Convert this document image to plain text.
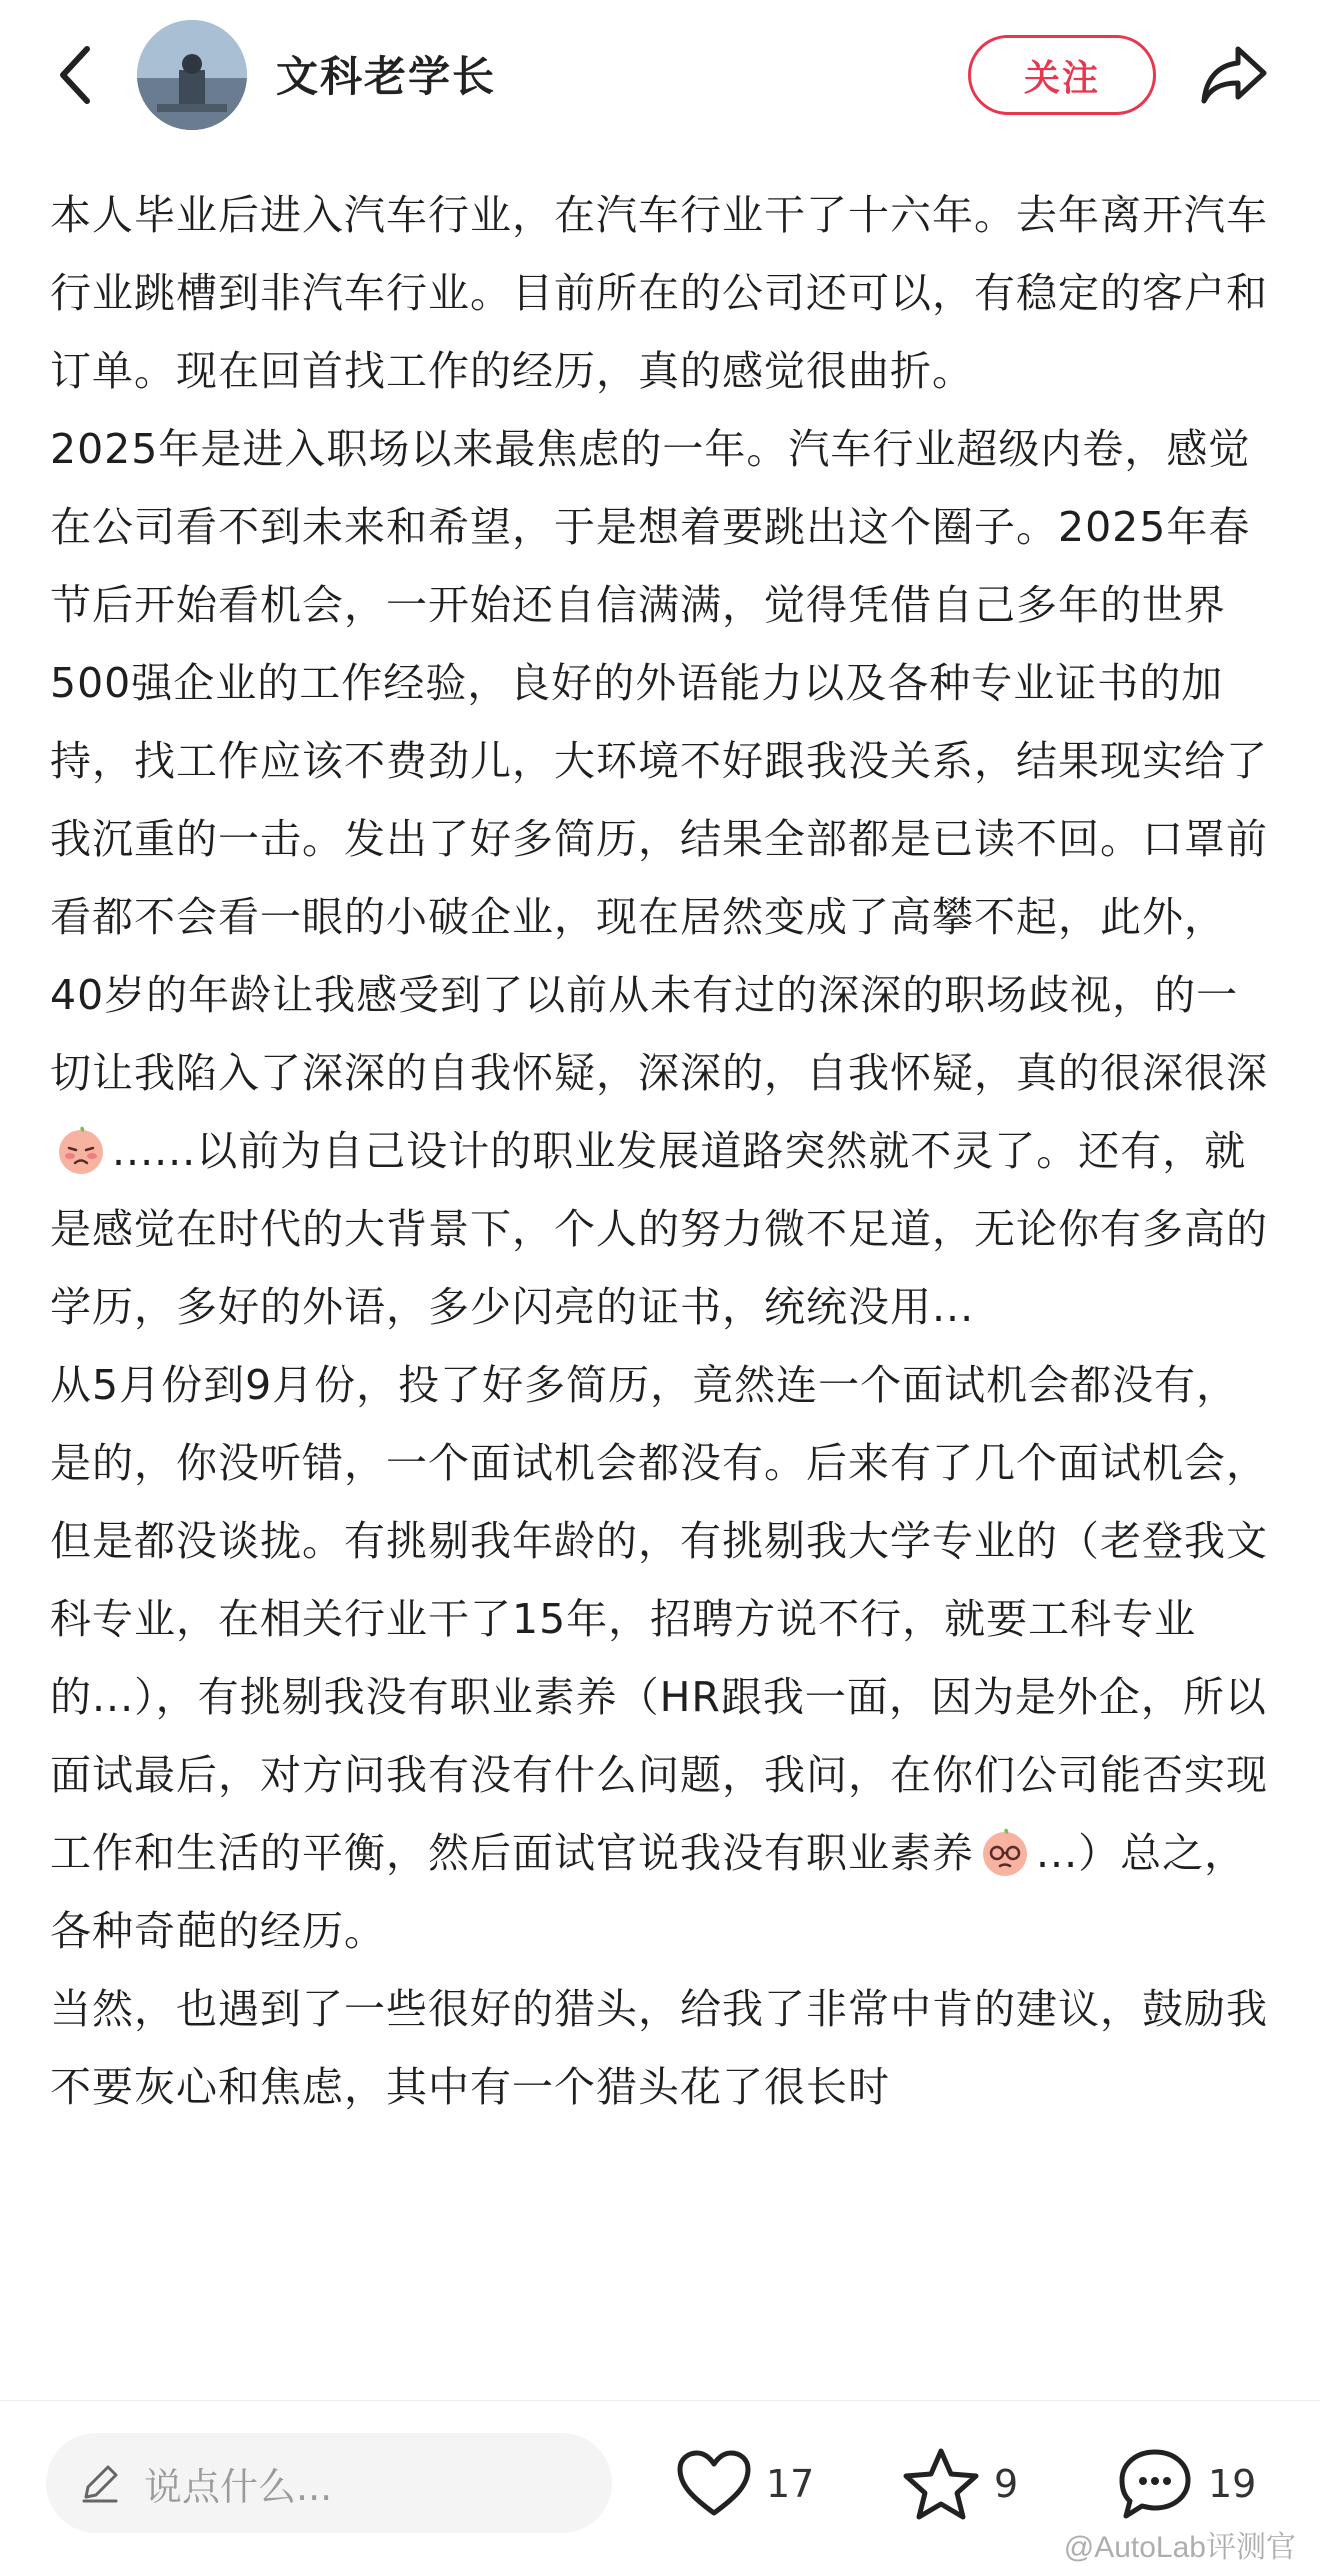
文科老学长	关注

本人毕业后进入汽车行业，在汽车行业干了十六年。去年离开汽车行业跳槽到非汽车行业。目前所在的公司还可以，有稳定的客户和订单。现在回首找工作的经历，真的感觉很曲折。

2025年是进入职场以来最焦虑的一年。汽车行业超级内卷，感觉在公司看不到未来和希望，于是想着要跳出这个圈子。2025年春节后开始看机会，一开始还自信满满，觉得凭借自己多年的世界500强企业的工作经验，良好的外语能力以及各种专业证书的加持，找工作应该不费劲儿，大环境不好跟我没关系，结果现实给了我沉重的一击。发出了好多简历，结果全部都是已读不回。口罩前看都不会看一眼的小破企业，现在居然变成了高攀不起，此外，40岁的年龄让我感受到了以前从未有过的深深的职场歧视，的一切让我陷入了深深的自我怀疑，深深的，自我怀疑，真的很深很深......以前为自己设计的职业发展道路突然就不灵了。还有，就是感觉在时代的大背景下，个人的努力微不足道，无论你有多高的学历，多好的外语，多少闪亮的证书，统统没用...

从5月份到9月份，投了好多简历，竟然连一个面试机会都没有，是的，你没听错，一个面试机会都没有。后来有了几个面试机会，但是都没谈拢。有挑剔我年龄的，有挑剔我大学专业的（老登我文科专业，在相关行业干了15年，招聘方说不行，就要工科专业的...），有挑剔我没有职业素养（HR跟我一面，因为是外企，所以面试最后，对方问我有没有什么问题，我问，在你们公司能否实现工作和生活的平衡，然后面试官说我没有职业素养 ...）总之，各种奇葩的经历。

当然，也遇到了一些很好的猎头，给我了非常中肯的建议，鼓励我不要灰心和焦虑，其中有一个猎头花了很长时

说点什么...	17	9	19
@AutoLab评测官
